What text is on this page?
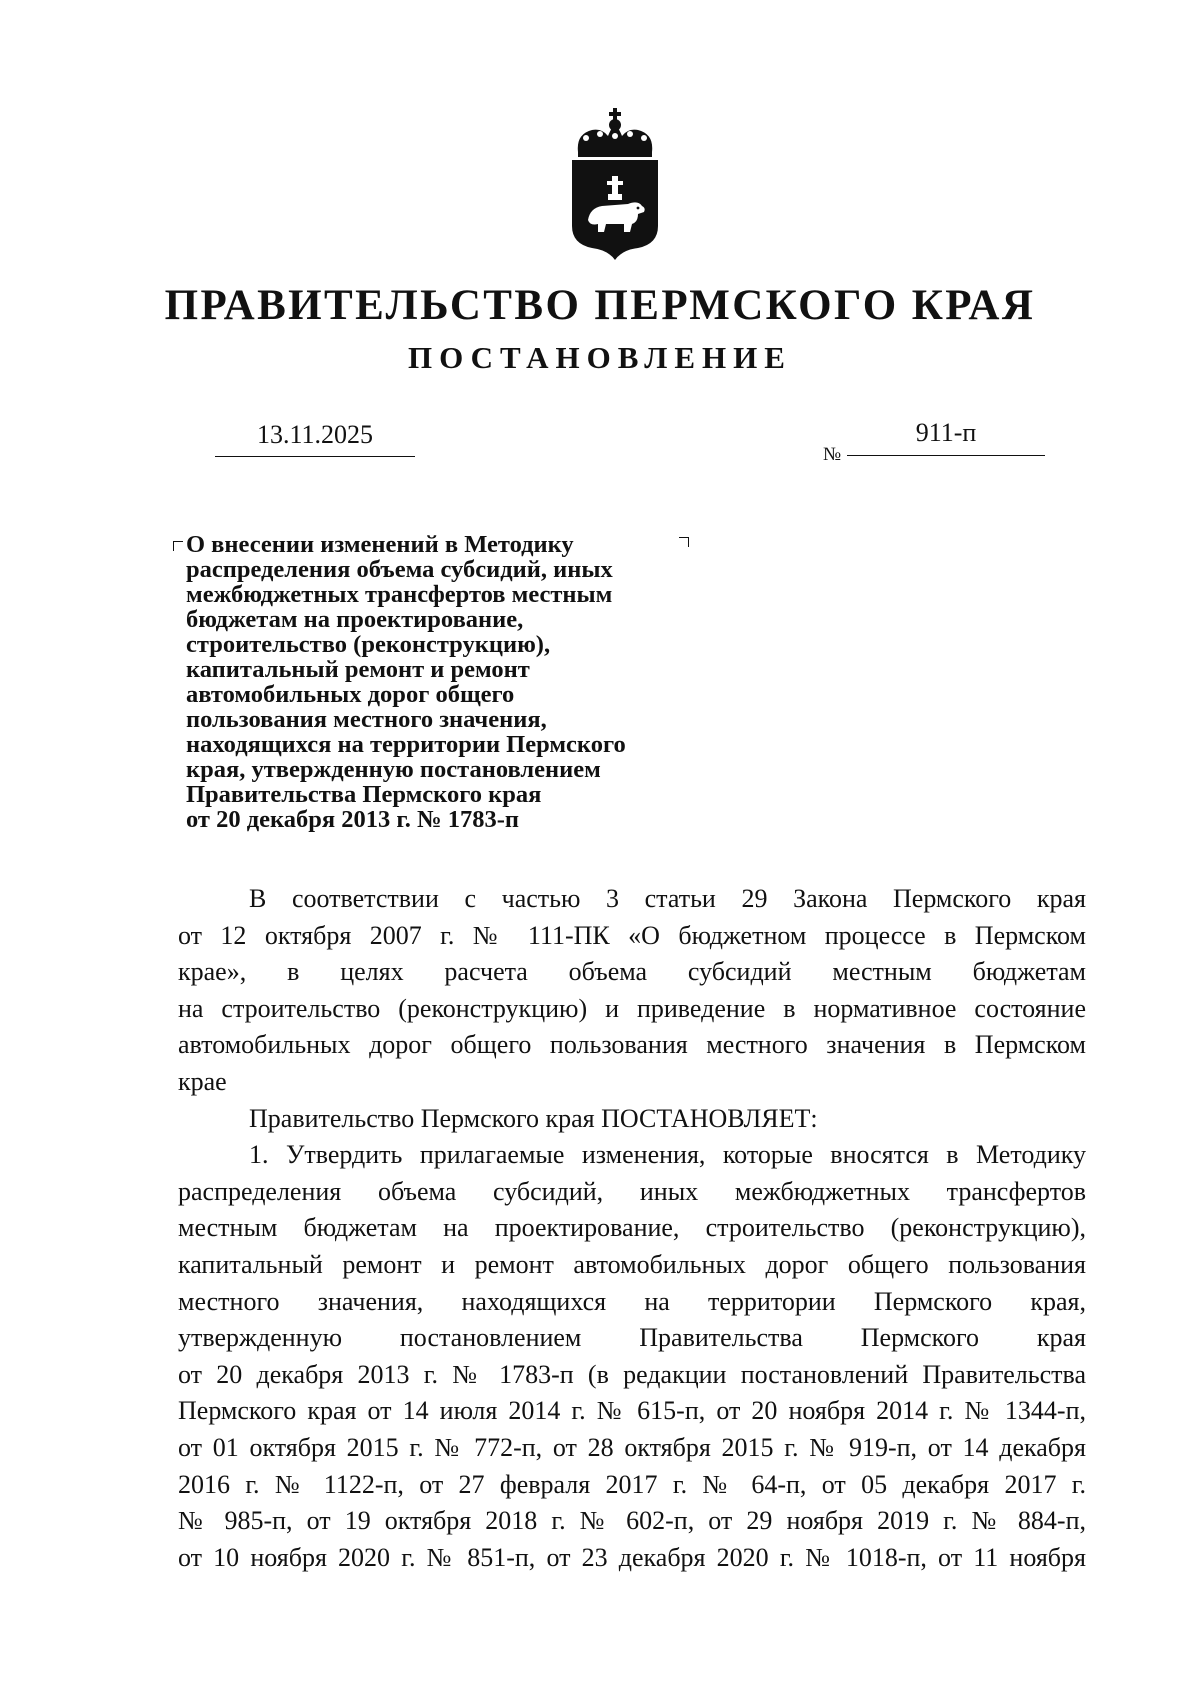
ПРАВИТЕЛЬСТВО ПЕРМСКОГО КРАЯ
ПОСТАНОВЛЕНИЕ
13.11.2025
№
911-п
О внесении изменений в Методику
распределения объема субсидий, иных
межбюджетных трансфертов местным
бюджетам на проектирование,
строительство (реконструкцию),
капитальный ремонт и ремонт
автомобильных дорог общего
пользования местного значения,
находящихся на территории Пермского
края, утвержденную постановлением
Правительства Пермского края
от 20 декабря 2013 г. № 1783-п
В соответствии с частью 3 статьи 29 Закона Пермского края
от 12 октября 2007 г. № 111-ПК «О бюджетном процессе в Пермском
крае», в целях расчета объема субсидий местным бюджетам
на строительство (реконструкцию) и приведение в нормативное состояние
автомобильных дорог общего пользования местного значения в Пермском
крае
Правительство Пермского края ПОСТАНОВЛЯЕТ:
1. Утвердить прилагаемые изменения, которые вносятся в Методику
распределения объема субсидий, иных межбюджетных трансфертов
местным бюджетам на проектирование, строительство (реконструкцию),
капитальный ремонт и ремонт автомобильных дорог общего пользования
местного значения, находящихся на территории Пермского края,
утвержденную постановлением Правительства Пермского края
от 20 декабря 2013 г. № 1783-п (в редакции постановлений Правительства
Пермского края от 14 июля 2014 г. № 615-п, от 20 ноября 2014 г. № 1344-п,
от 01 октября 2015 г. № 772-п, от 28 октября 2015 г. № 919-п, от 14 декабря
2016 г. № 1122-п, от 27 февраля 2017 г. № 64-п, от 05 декабря 2017 г.
№ 985-п, от 19 октября 2018 г. № 602-п, от 29 ноября 2019 г. № 884-п,
от 10 ноября 2020 г. № 851-п, от 23 декабря 2020 г. № 1018-п, от 11 ноября
